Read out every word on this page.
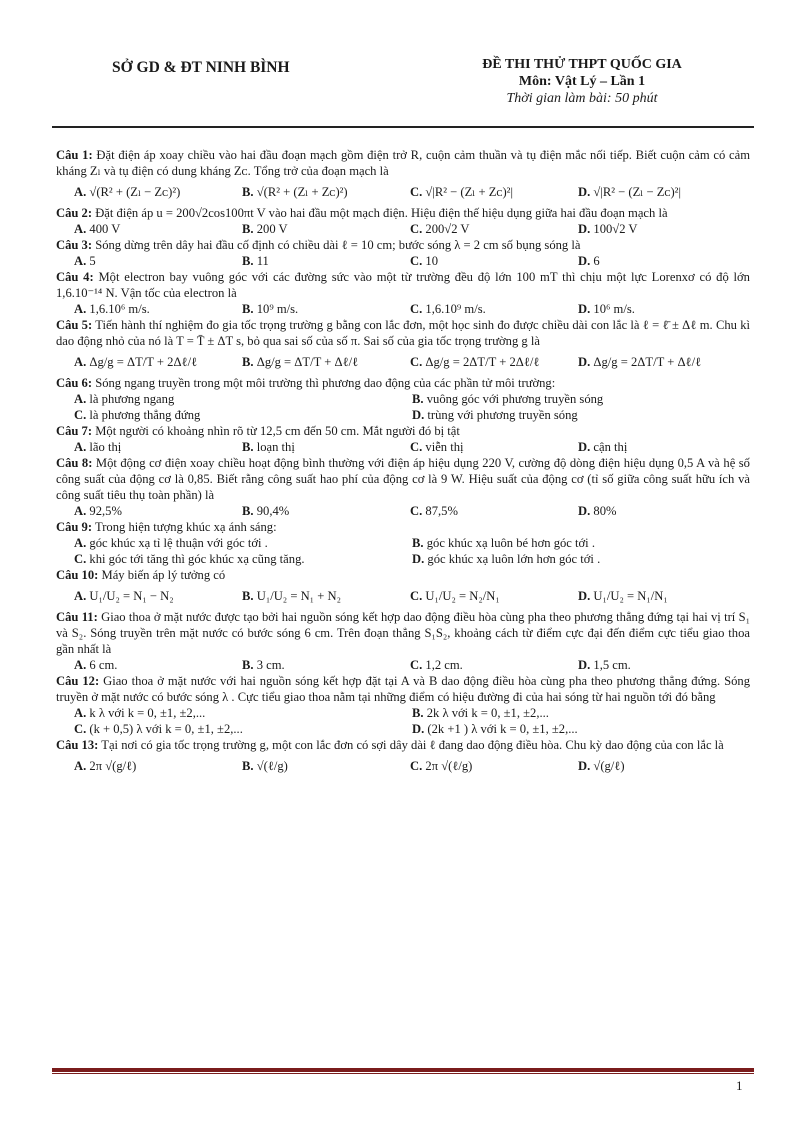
SỞ GD & ĐT NINH BÌNH	ĐỀ THI THỬ THPT QUỐC GIA
Môn: Vật Lý – Lần 1
Thời gian làm bài: 50 phút

Câu 1: Đặt điện áp xoay chiều vào hai đầu đoạn mạch gồm điện trở R, cuộn cảm thuần và tụ điện mắc nối tiếp. Biết cuộn cảm có cảm kháng Zₗ và tụ điện có dung kháng Zᴄ. Tổng trở của đoạn mạch là

A. √(R² + (Zₗ − Zᴄ)²)	B. √(R² + (Zₗ + Zᴄ)²)	C. √|R² − (Zₗ + Zᴄ)²|	D. √|R² − (Zₗ − Zᴄ)²|

Câu 2: Đặt điện áp u = 200√2cos100πt V vào hai đầu một mạch điện. Hiệu điện thế hiệu dụng giữa hai đầu đoạn mạch là

A. 400 V	B. 200 V	C. 200√2 V	D. 100√2 V

Câu 3: Sóng dừng trên dây hai đầu cố định có chiều dài ℓ = 10 cm; bước sóng λ = 2 cm số bụng sóng là

A. 5	B. 11	C. 10	D. 6

Câu 4: Một electron bay vuông góc với các đường sức vào một từ trường đều độ lớn 100 mT thì chịu một lực Lorenxơ có độ lớn 1,6.10⁻¹⁴ N. Vận tốc của electron là

A. 1,6.10⁶ m/s.	B. 10⁹ m/s.	C. 1,6.10⁹ m/s.	D. 10⁶ m/s.

Câu 5: Tiến hành thí nghiệm đo gia tốc trọng trường g bằng con lắc đơn, một học sinh đo được chiều dài con lắc là ℓ = ℓ̄ ± Δℓ m. Chu kì dao động nhỏ của nó là T = T̄ ± ΔT s, bỏ qua sai số của số π. Sai số của gia tốc trọng trường g là

A. Δg/g = ΔT/T + 2Δℓ/ℓ	B. Δg/g = ΔT/T + Δℓ/ℓ	C. Δg/g = 2ΔT/T + 2Δℓ/ℓ	D. Δg/g = 2ΔT/T + Δℓ/ℓ

Câu 6: Sóng ngang truyền trong một môi trường thì phương dao động của các phần tử môi trường:

A. là phương ngang	B. vuông góc với phương truyền sóng
C. là phương thẳng đứng	D. trùng với phương truyền sóng

Câu 7: Một người có khoảng nhìn rõ từ 12,5 cm đến 50 cm. Mắt người đó bị tật

A. lão thị	B. loạn thị	C. viễn thị	D. cận thị

Câu 8: Một động cơ điện xoay chiều hoạt động bình thường với điện áp hiệu dụng 220 V, cường độ dòng điện hiệu dụng 0,5 A và hệ số công suất của động cơ là 0,85. Biết rằng công suất hao phí của động cơ là 9 W. Hiệu suất của động cơ (tỉ số giữa công suất hữu ích và công suất tiêu thụ toàn phần) là

A. 92,5%	B. 90,4%	C. 87,5%	D. 80%

Câu 9: Trong hiện tượng khúc xạ ánh sáng:

A. góc khúc xạ tỉ lệ thuận với góc tới .	B. góc khúc xạ luôn bé hơn góc tới .
C. khi góc tới tăng thì góc khúc xạ cũng tăng.	D. góc khúc xạ luôn lớn hơn góc tới .

Câu 10: Máy biến áp lý tưởng có

A. U₁/U₂ = N₁ − N₂	B. U₁/U₂ = N₁ + N₂	C. U₁/U₂ = N₂/N₁	D. U₁/U₂ = N₁/N₁

Câu 11: Giao thoa ở mặt nước được tạo bởi hai nguồn sóng kết hợp dao động điều hòa cùng pha theo phương thẳng đứng tại hai vị trí S₁ và S₂. Sóng truyền trên mặt nước có bước sóng 6 cm. Trên đoạn thẳng S₁S₂, khoảng cách từ điểm cực đại đến điểm cực tiểu giao thoa gần nhất là

A. 6 cm.	B. 3 cm.	C. 1,2 cm.	D. 1,5 cm.

Câu 12: Giao thoa ở mặt nước với hai nguồn sóng kết hợp đặt tại A và B dao động điều hòa cùng pha theo phương thẳng đứng. Sóng truyền ở mặt nước có bước sóng λ . Cực tiểu giao thoa nằm tại những điểm có hiệu đường đi của hai sóng từ hai nguồn tới đó bằng

A. k λ với k = 0, ±1, ±2,...	B. 2k λ với k = 0, ±1, ±2,...
C. (k + 0,5) λ với k = 0, ±1, ±2,...	D. (2k +1 ) λ với k = 0, ±1, ±2,...

Câu 13: Tại nơi có gia tốc trọng trường g, một con lắc đơn có sợi dây dài ℓ đang dao động điều hòa. Chu kỳ dao động của con lắc là

A. 2π √(g/ℓ)	B. √(ℓ/g)	C. 2π √(ℓ/g)	D. √(g/ℓ)
1
